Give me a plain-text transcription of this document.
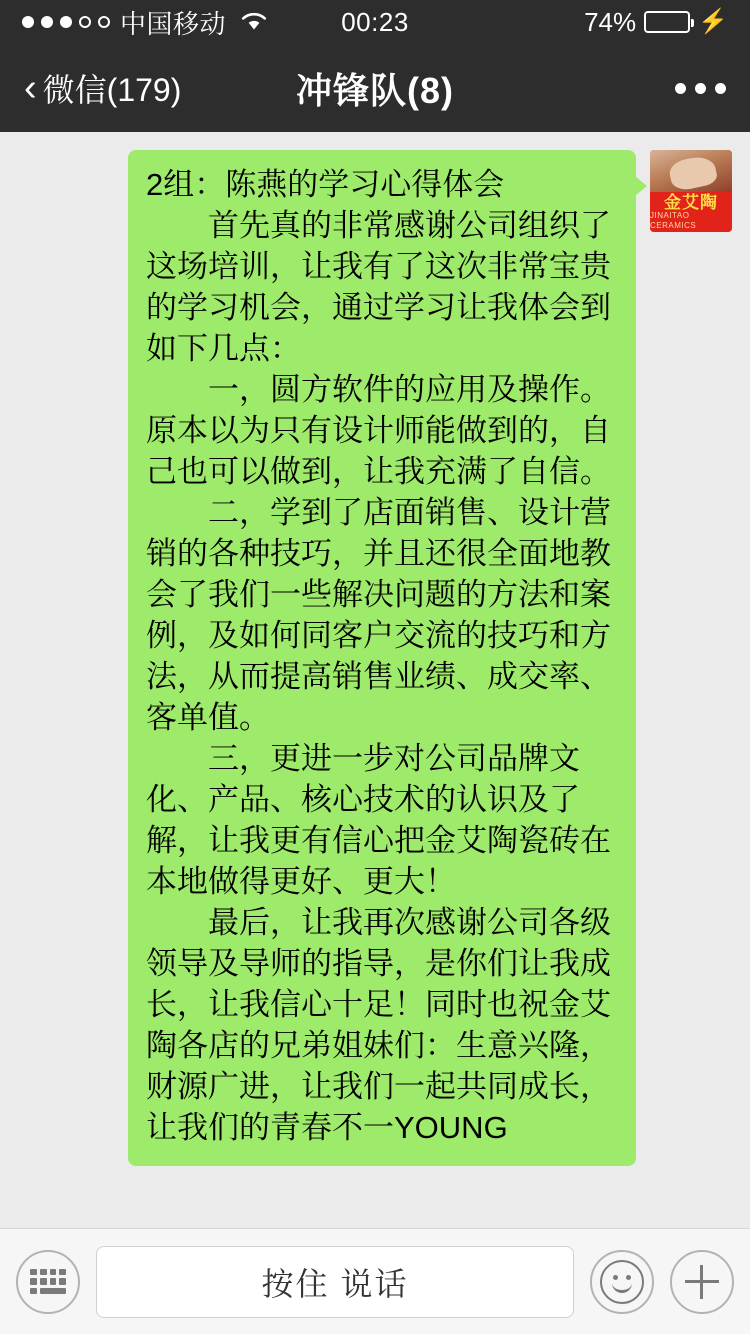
中国移动	00:23	74%	⚡
‹ 微信(179)	冲锋队(8)

2组：陈燕的学习心得体会

首先真的非常感谢公司组织了这场培训，让我有了这次非常宝贵的学习机会，通过学习让我体会到如下几点：

一，圆方软件的应用及操作。原本以为只有设计师能做到的，自己也可以做到，让我充满了自信。

二，学到了店面销售、设计营销的各种技巧，并且还很全面地教会了我们一些解决问题的方法和案例，及如何同客户交流的技巧和方法，从而提高销售业绩、成交率、客单值。

三，更进一步对公司品牌文化、产品、核心技术的认识及了解，让我更有信心把金艾陶瓷砖在本地做得更好、更大！

最后，让我再次感谢公司各级领导及导师的指导，是你们让我成长，让我信心十足！同时也祝金艾陶各店的兄弟姐妹们：生意兴隆，财源广进，让我们一起共同成长，让我们的青春不一YOUNG

金艾陶
JINAITAO CERAMICS
按住 说话
